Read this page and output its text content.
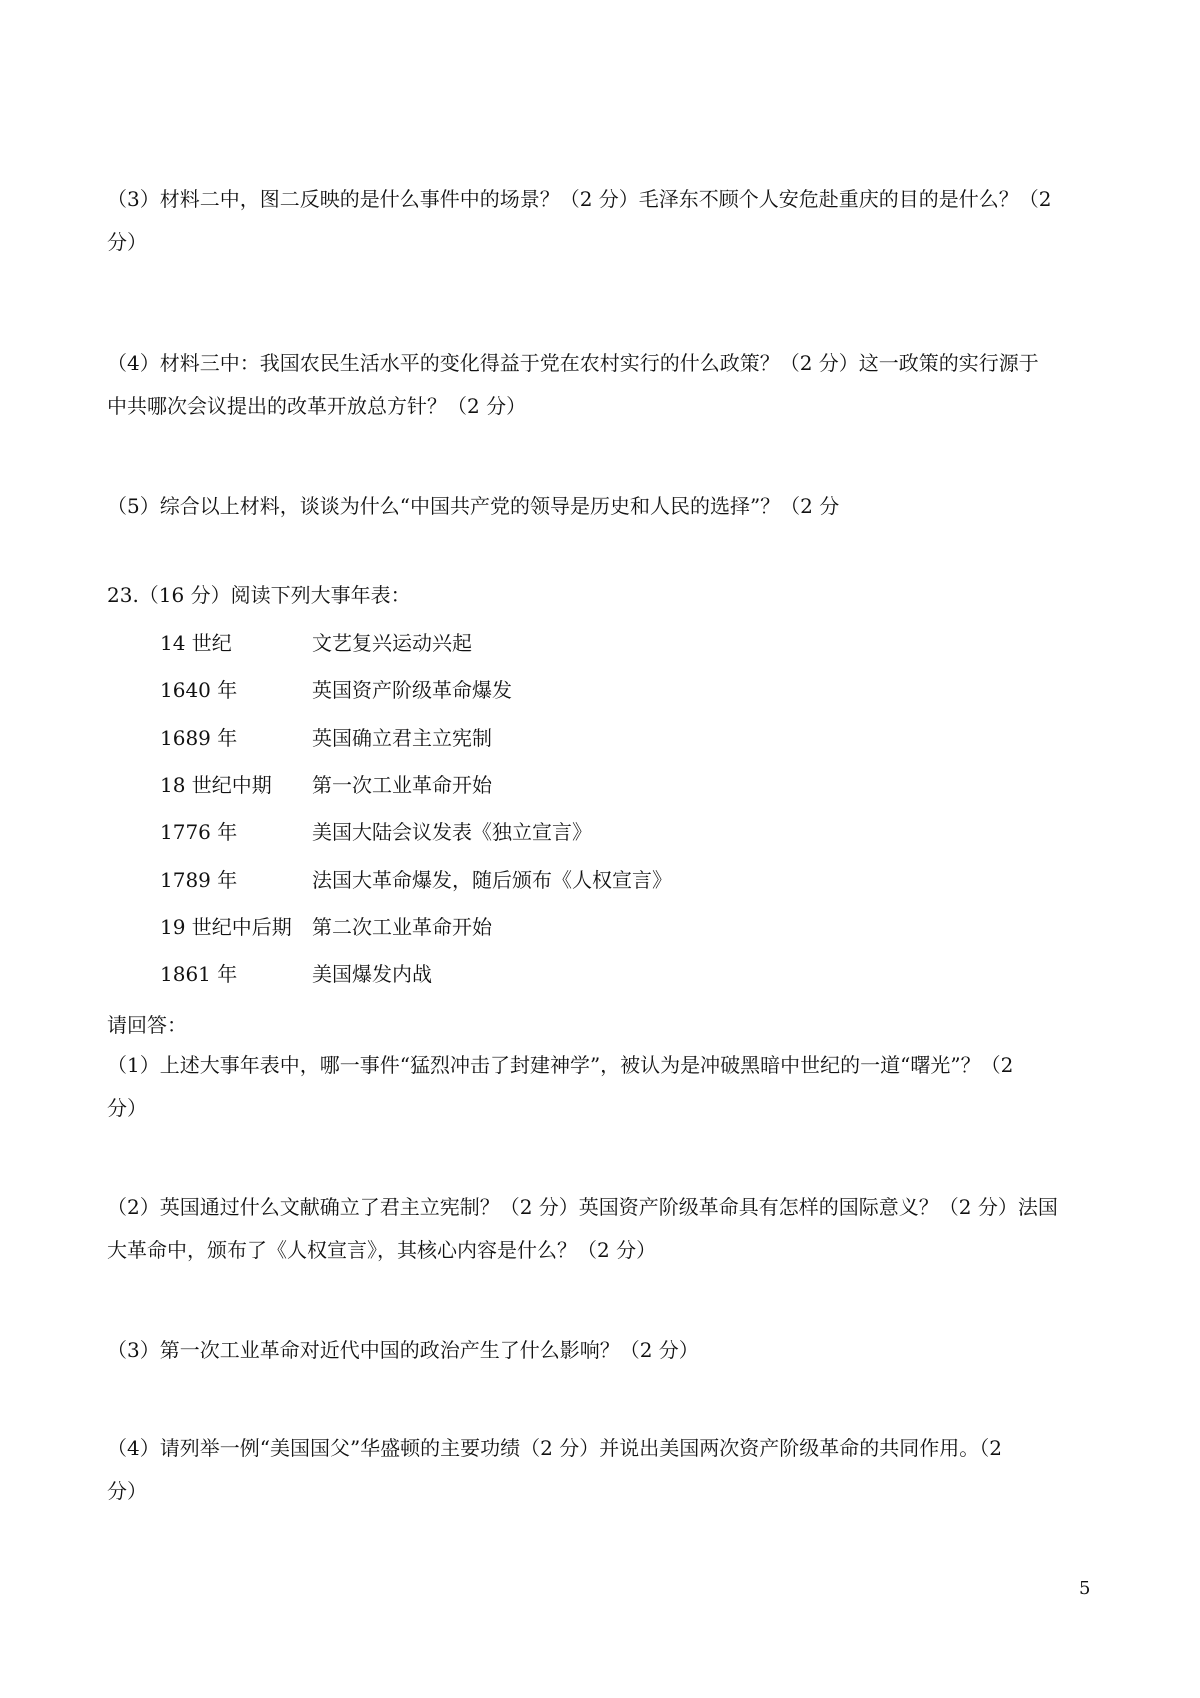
（3）材料二中，图二反映的是什么事件中的场景？（2 分）毛泽东不顾个人安危赴重庆的目的是什么？（2

分）

（4）材料三中：我国农民生活水平的变化得益于党在农村实行的什么政策？（2 分）这一政策的实行源于

中共哪次会议提出的改革开放总方针？（2 分）

（5）综合以上材料，谈谈为什么“中国共产党的领导是历史和人民的选择”？（2 分

23.（16 分）阅读下列大事年表：
14 世纪	文艺复兴运动兴起
1640 年	英国资产阶级革命爆发
1689 年	英国确立君主立宪制
18 世纪中期	第一次工业革命开始
1776 年	美国大陆会议发表《独立宣言》
1789 年	法国大革命爆发，随后颁布《人权宣言》
19 世纪中后期	第二次工业革命开始
1861 年	美国爆发内战
请回答：

（1）上述大事年表中，哪一事件“猛烈冲击了封建神学”，被认为是冲破黑暗中世纪的一道“曙光”？（2

分）

（2）英国通过什么文献确立了君主立宪制？（2 分）英国资产阶级革命具有怎样的国际意义？（2 分）法国

大革命中，颁布了《人权宣言》，其核心内容是什么？（2 分）

（3）第一次工业革命对近代中国的政治产生了什么影响？（2 分）

（4）请列举一例“美国国父”华盛顿的主要功绩（2 分）并说出美国两次资产阶级革命的共同作用。（2

分）

5
